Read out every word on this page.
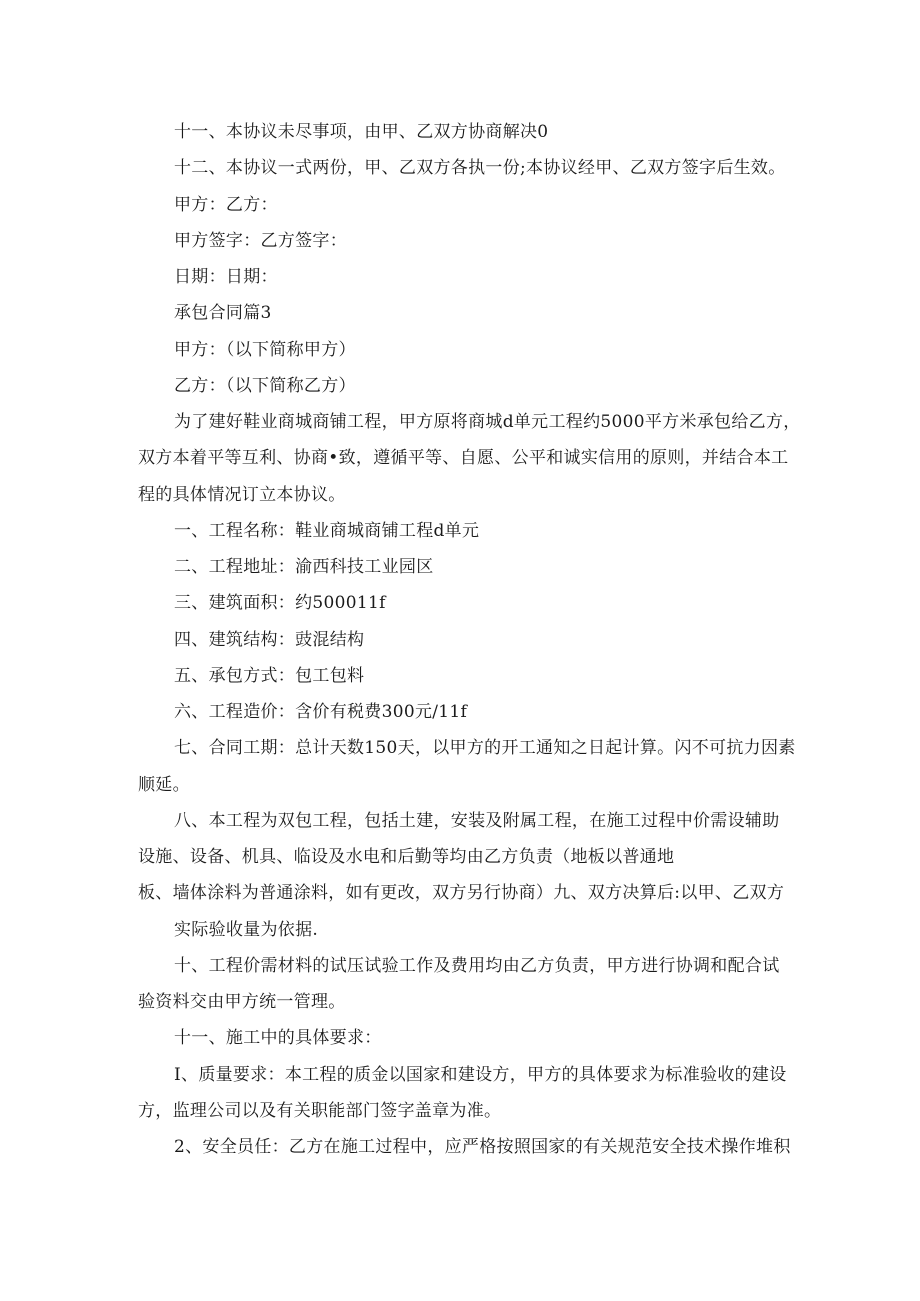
十一、本协议未尽事项，由甲、乙双方协商解决0
十二、本协议一式两份，甲、乙双方各执一份;本协议经甲、乙双方签字后生效。
甲方：乙方：
甲方签字：乙方签字：
日期：日期：
承包合同篇3
甲方：（以下简称甲方）
乙方：（以下简称乙方）
为了建好鞋业商城商铺工程，甲方原将商城d单元工程约5000平方米承包给乙方，
双方本着平等互利、协商•致，遵循平等、自愿、公平和诚实信用的原则，并结合本工
程的具体情况订立本协议。
一、工程名称：鞋业商城商铺工程d单元
二、工程地址：渝西科技工业园区
三、建筑面积：约500011f
四、建筑结构：豉混结构
五、承包方式：包工包料
六、工程造价：含价有税费300元∕11f
七、合同工期：总计天数150天，以甲方的开工通知之日起计算。闪不可抗力因素
顺延。
八、本工程为双包工程，包括土建，安装及附属工程，在施工过程中价需设辅助
设施、设备、机具、临设及水电和后勤等均由乙方负责（地板以普通地
板、墙体涂料为普通涂料，如有更改，双方另行协商）九、双方决算后:以甲、乙双方
实际验收量为依据.
十、工程价需材料的试压试验工作及费用均由乙方负责，甲方进行协调和配合试
验资料交由甲方统一管理。
十一、施工中的具体要求：
I、质量要求：本工程的质金以国家和建设方，甲方的具体要求为标准验收的建设
方，监理公司以及有关职能部门签字盖章为准。
2、安全员任：乙方在施工过程中，应严格按照国家的有关规范安全技术操作堆积
